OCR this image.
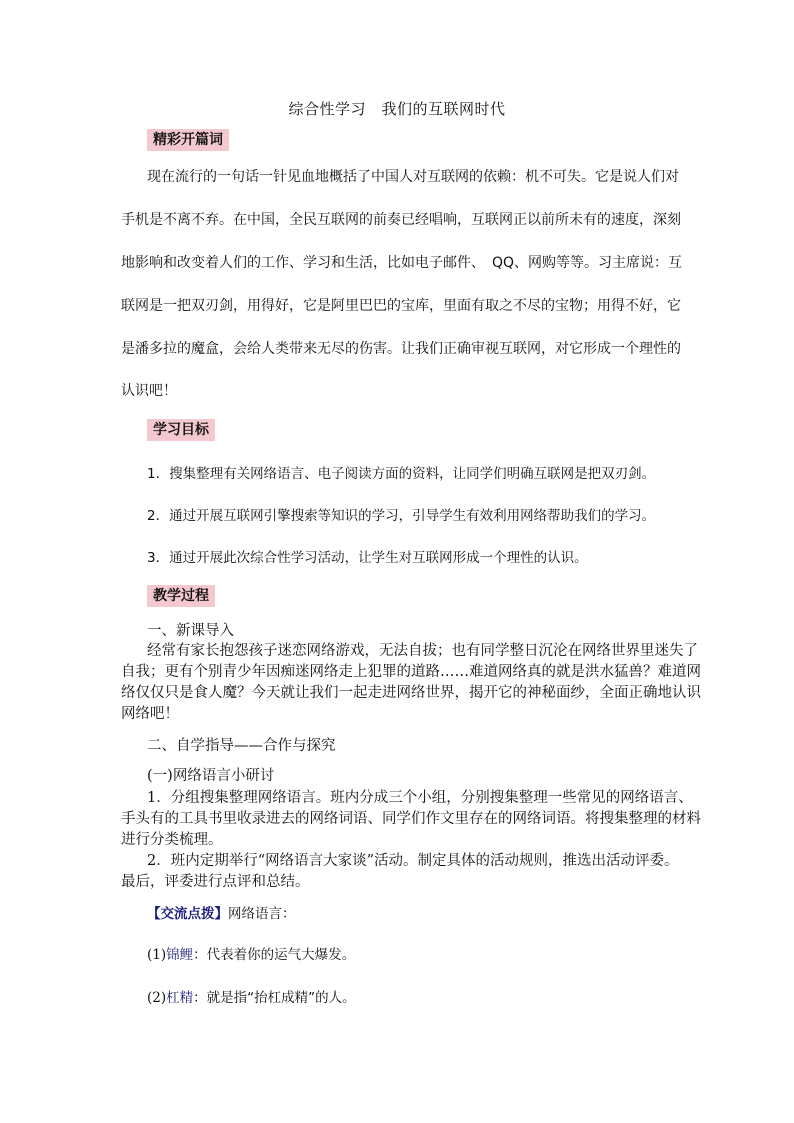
综合性学习　我们的互联网时代
精彩开篇词
现在流行的一句话一针见血地概括了中国人对互联网的依赖：机不可失。它是说人们对
手机是不离不弃。在中国，全民互联网的前奏已经唱响，互联网正以前所未有的速度，深刻
地影响和改变着人们的工作、学习和生活，比如电子邮件、　QQ、网购等等。习主席说：互
联网是一把双刃剑，用得好，它是阿里巴巴的宝库，里面有取之不尽的宝物；用得不好，它
是潘多拉的魔盒，会给人类带来无尽的伤害。让我们正确审视互联网，对它形成一个理性的
认识吧！
学习目标
1．搜集整理有关网络语言、电子阅读方面的资料，让同学们明确互联网是把双刃剑。
2．通过开展互联网引擎搜索等知识的学习，引导学生有效利用网络帮助我们的学习。
3．通过开展此次综合性学习活动，让学生对互联网形成一个理性的认识。
教学过程
一、新课导入
经常有家长抱怨孩子迷恋网络游戏，无法自拔；也有同学整日沉沦在网络世界里迷失了
自我；更有个别青少年因痴迷网络走上犯罪的道路……难道网络真的就是洪水猛兽？难道网
络仅仅只是食人魔？今天就让我们一起走进网络世界，揭开它的神秘面纱，全面正确地认识
网络吧！
二、自学指导——合作与探究
(一)网络语言小研讨
1．分组搜集整理网络语言。班内分成三个小组，分别搜集整理一些常见的网络语言、
手头有的工具书里收录进去的网络词语、同学们作文里存在的网络词语。将搜集整理的材料
进行分类梳理。
2．班内定期举行“网络语言大家谈”活动。制定具体的活动规则，推选出活动评委。
最后，评委进行点评和总结。
【交流点拨】网络语言：
(1)锦鲤：代表着你的运气大爆发。
(2)杠精：就是指“抬杠成精”的人。
